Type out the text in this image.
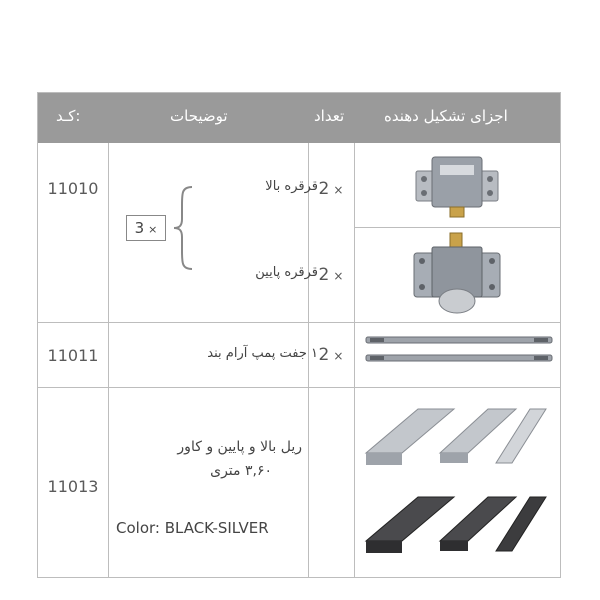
اجزای تشکیل دهنده
تعداد
توضیحات
کـد:
11010	قرقره بالا
قرقره پایین
3 ×
2 ×
2 ×
11011	۱ جفت پمپ آرام بند 2 ×
11013
ریل بالا و پایین و کاور
۳,۶۰ متری
Color: BLACK-SILVER
